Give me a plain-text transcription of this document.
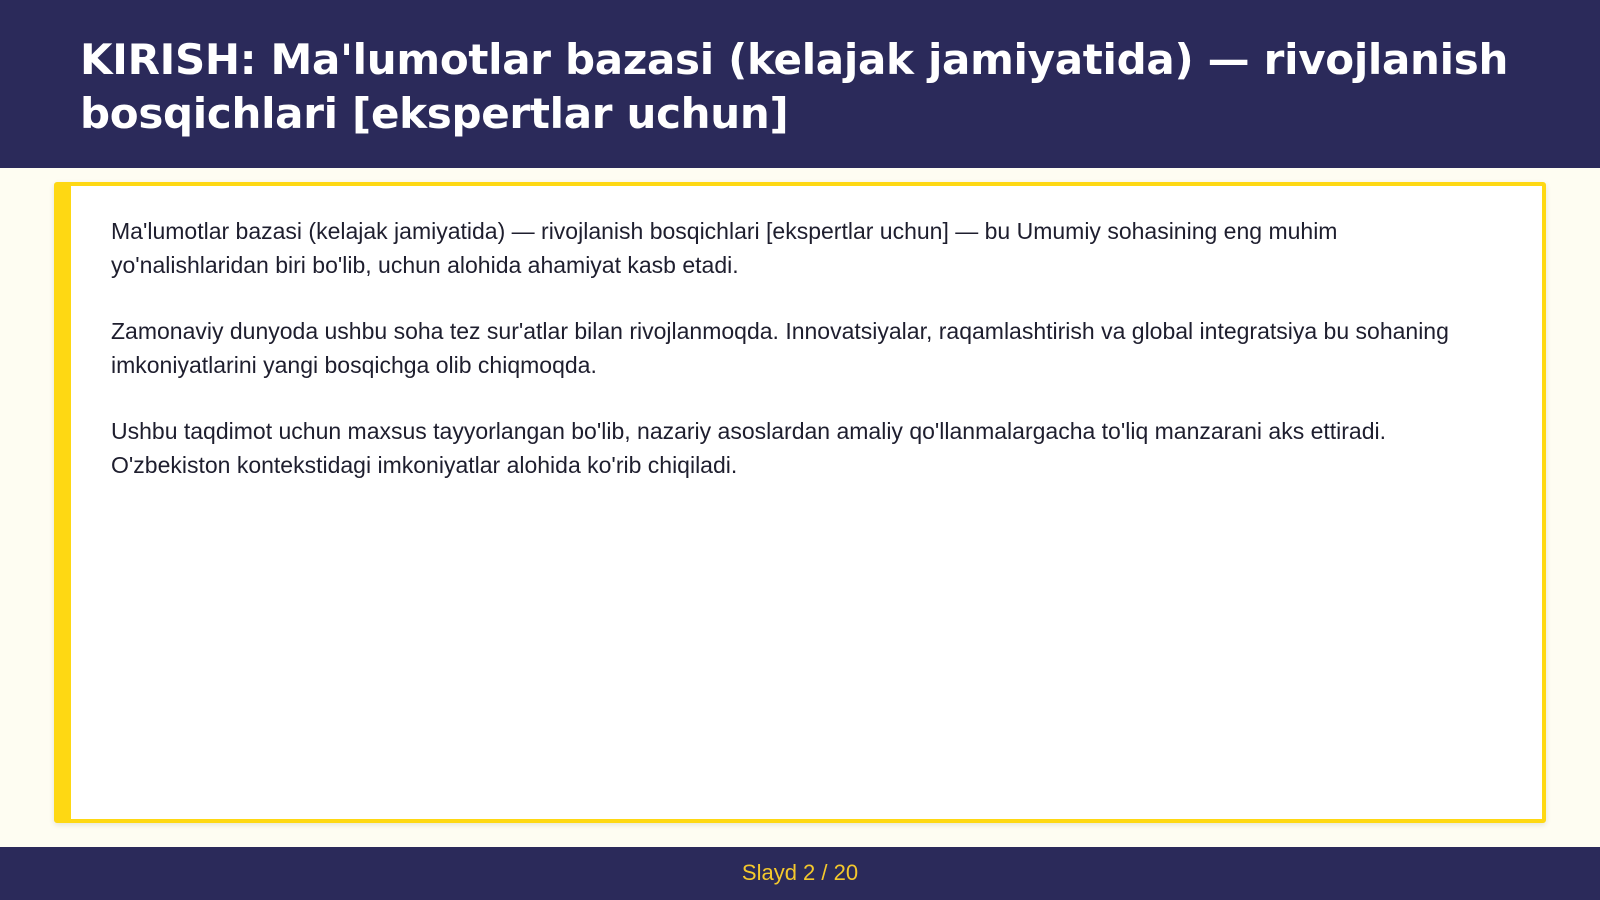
KIRISH: Ma'lumotlar bazasi (kelajak jamiyatida) — rivojlanish bosqichlari [ekspertlar uchun]

Ma'lumotlar bazasi (kelajak jamiyatida) — rivojlanish bosqichlari [ekspertlar uchun] — bu Umumiy sohasining eng muhim yo'nalishlaridan biri bo'lib, uchun alohida ahamiyat kasb etadi.

Zamonaviy dunyoda ushbu soha tez sur'atlar bilan rivojlanmoqda. Innovatsiyalar, raqamlashtirish va global integratsiya bu sohaning imkoniyatlarini yangi bosqichga olib chiqmoqda.

Ushbu taqdimot uchun maxsus tayyorlangan bo'lib, nazariy asoslardan amaliy qo'llanmalargacha to'liq manzarani aks ettiradi. O'zbekiston kontekstidagi imkoniyatlar alohida ko'rib chiqiladi.

Slayd 2 / 20
